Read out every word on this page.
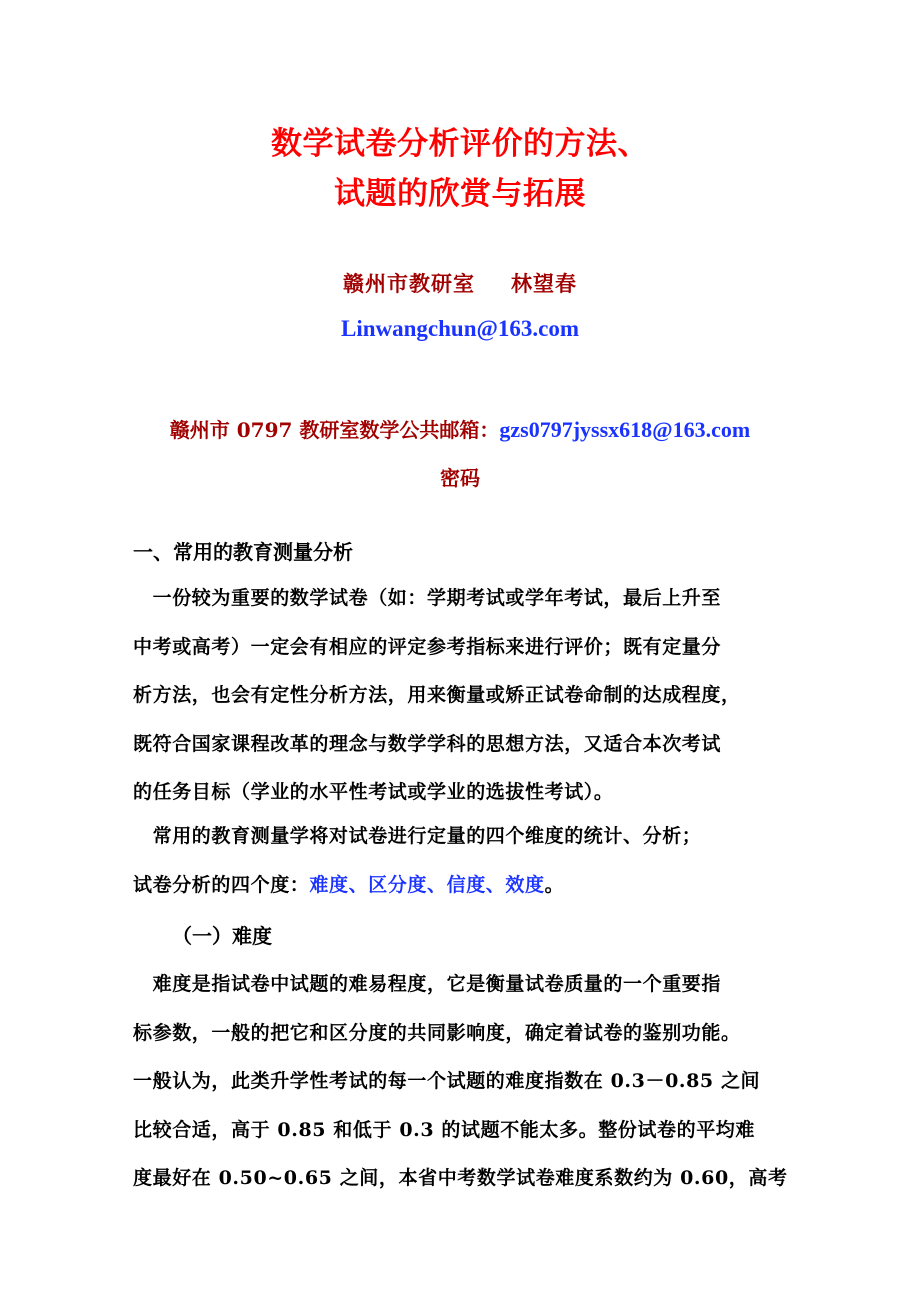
数学试卷分析评价的方法、
试题的欣赏与拓展
赣州市教研室 林望春
Linwangchun@163.com
赣州市 0797 教研室数学公共邮箱：gzs0797jyssx618@163.com
密码
一、常用的教育测量分析

　一份较为重要的数学试卷（如：学期考试或学年考试，最后上升至
中考或高考）一定会有相应的评定参考指标来进行评价；既有定量分
析方法，也会有定性分析方法，用来衡量或矫正试卷命制的达成程度，
既符合国家课程改革的理念与数学学科的思想方法，又适合本次考试
的任务目标（学业的水平性考试或学业的选拔性考试）。

　常用的教育测量学将对试卷进行定量的四个维度的统计、分析；
试卷分析的四个度：难度、区分度、信度、效度。

（一）难度

　难度是指试卷中试题的难易程度，它是衡量试卷质量的一个重要指
标参数，一般的把它和区分度的共同影响度，确定着试卷的鉴别功能。
一般认为，此类升学性考试的每一个试题的难度指数在 0.3－0.85 之间
比较合适，高于 0.85 和低于 0.3 的试题不能太多。整份试卷的平均难
度最好在 0.50~0.65 之间，本省中考数学试卷难度系数约为 0.60，高考
